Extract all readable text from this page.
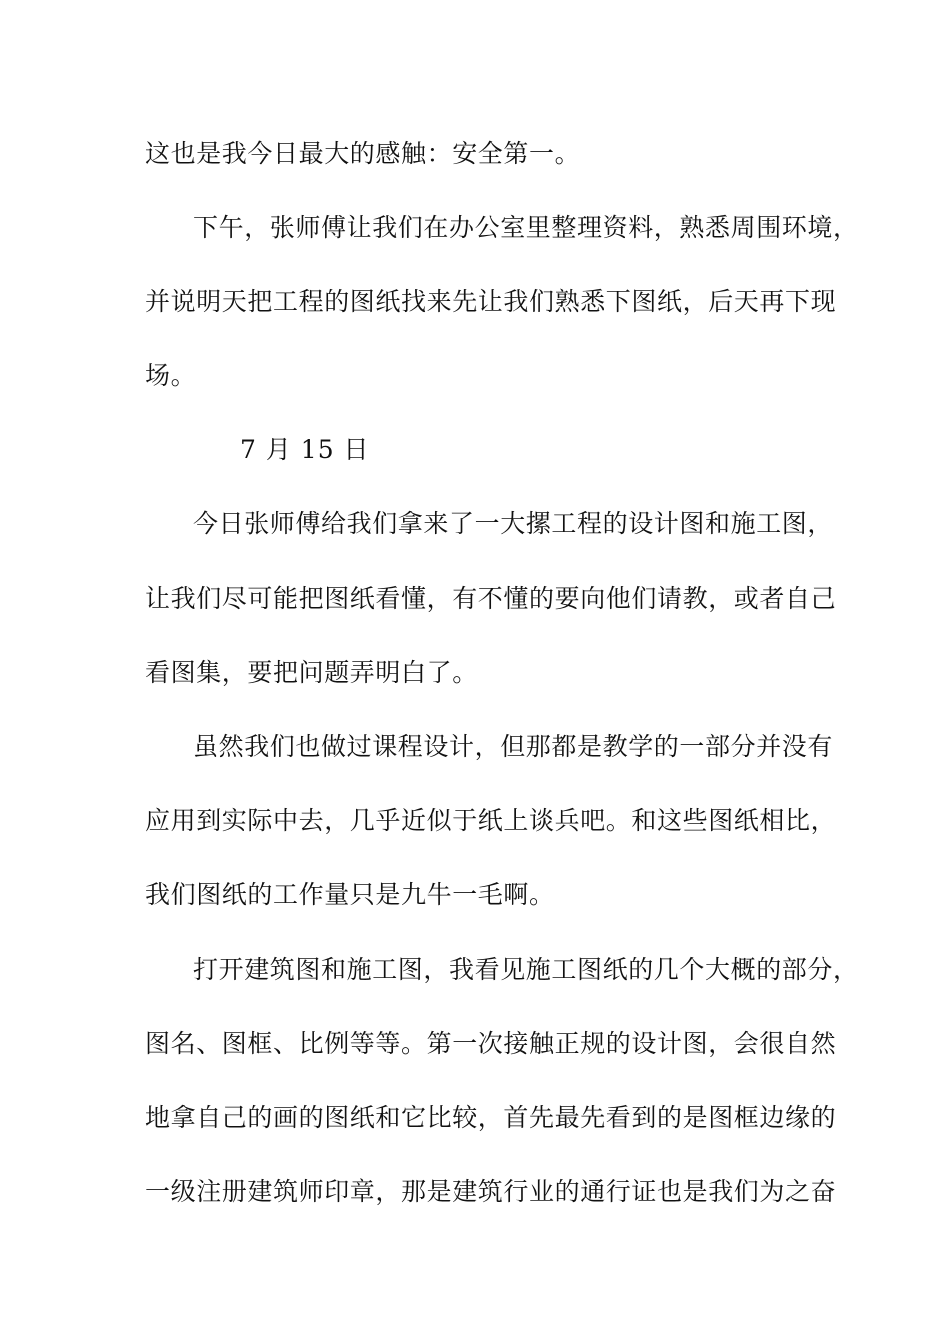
这也是我今日最大的感触：安全第一。
下午，张师傅让我们在办公室里整理资料，熟悉周围环境，
并说明天把工程的图纸找来先让我们熟悉下图纸，后天再下现
场。
7 月 15 日
今日张师傅给我们拿来了一大摞工程的设计图和施工图，
让我们尽可能把图纸看懂，有不懂的要向他们请教，或者自己
看图集，要把问题弄明白了。
虽然我们也做过课程设计，但那都是教学的一部分并没有
应用到实际中去，几乎近似于纸上谈兵吧。和这些图纸相比，
我们图纸的工作量只是九牛一毛啊。
打开建筑图和施工图，我看见施工图纸的几个大概的部分，
图名、图框、比例等等。第一次接触正规的设计图，会很自然
地拿自己的画的图纸和它比较，首先最先看到的是图框边缘的
一级注册建筑师印章，那是建筑行业的通行证也是我们为之奋
